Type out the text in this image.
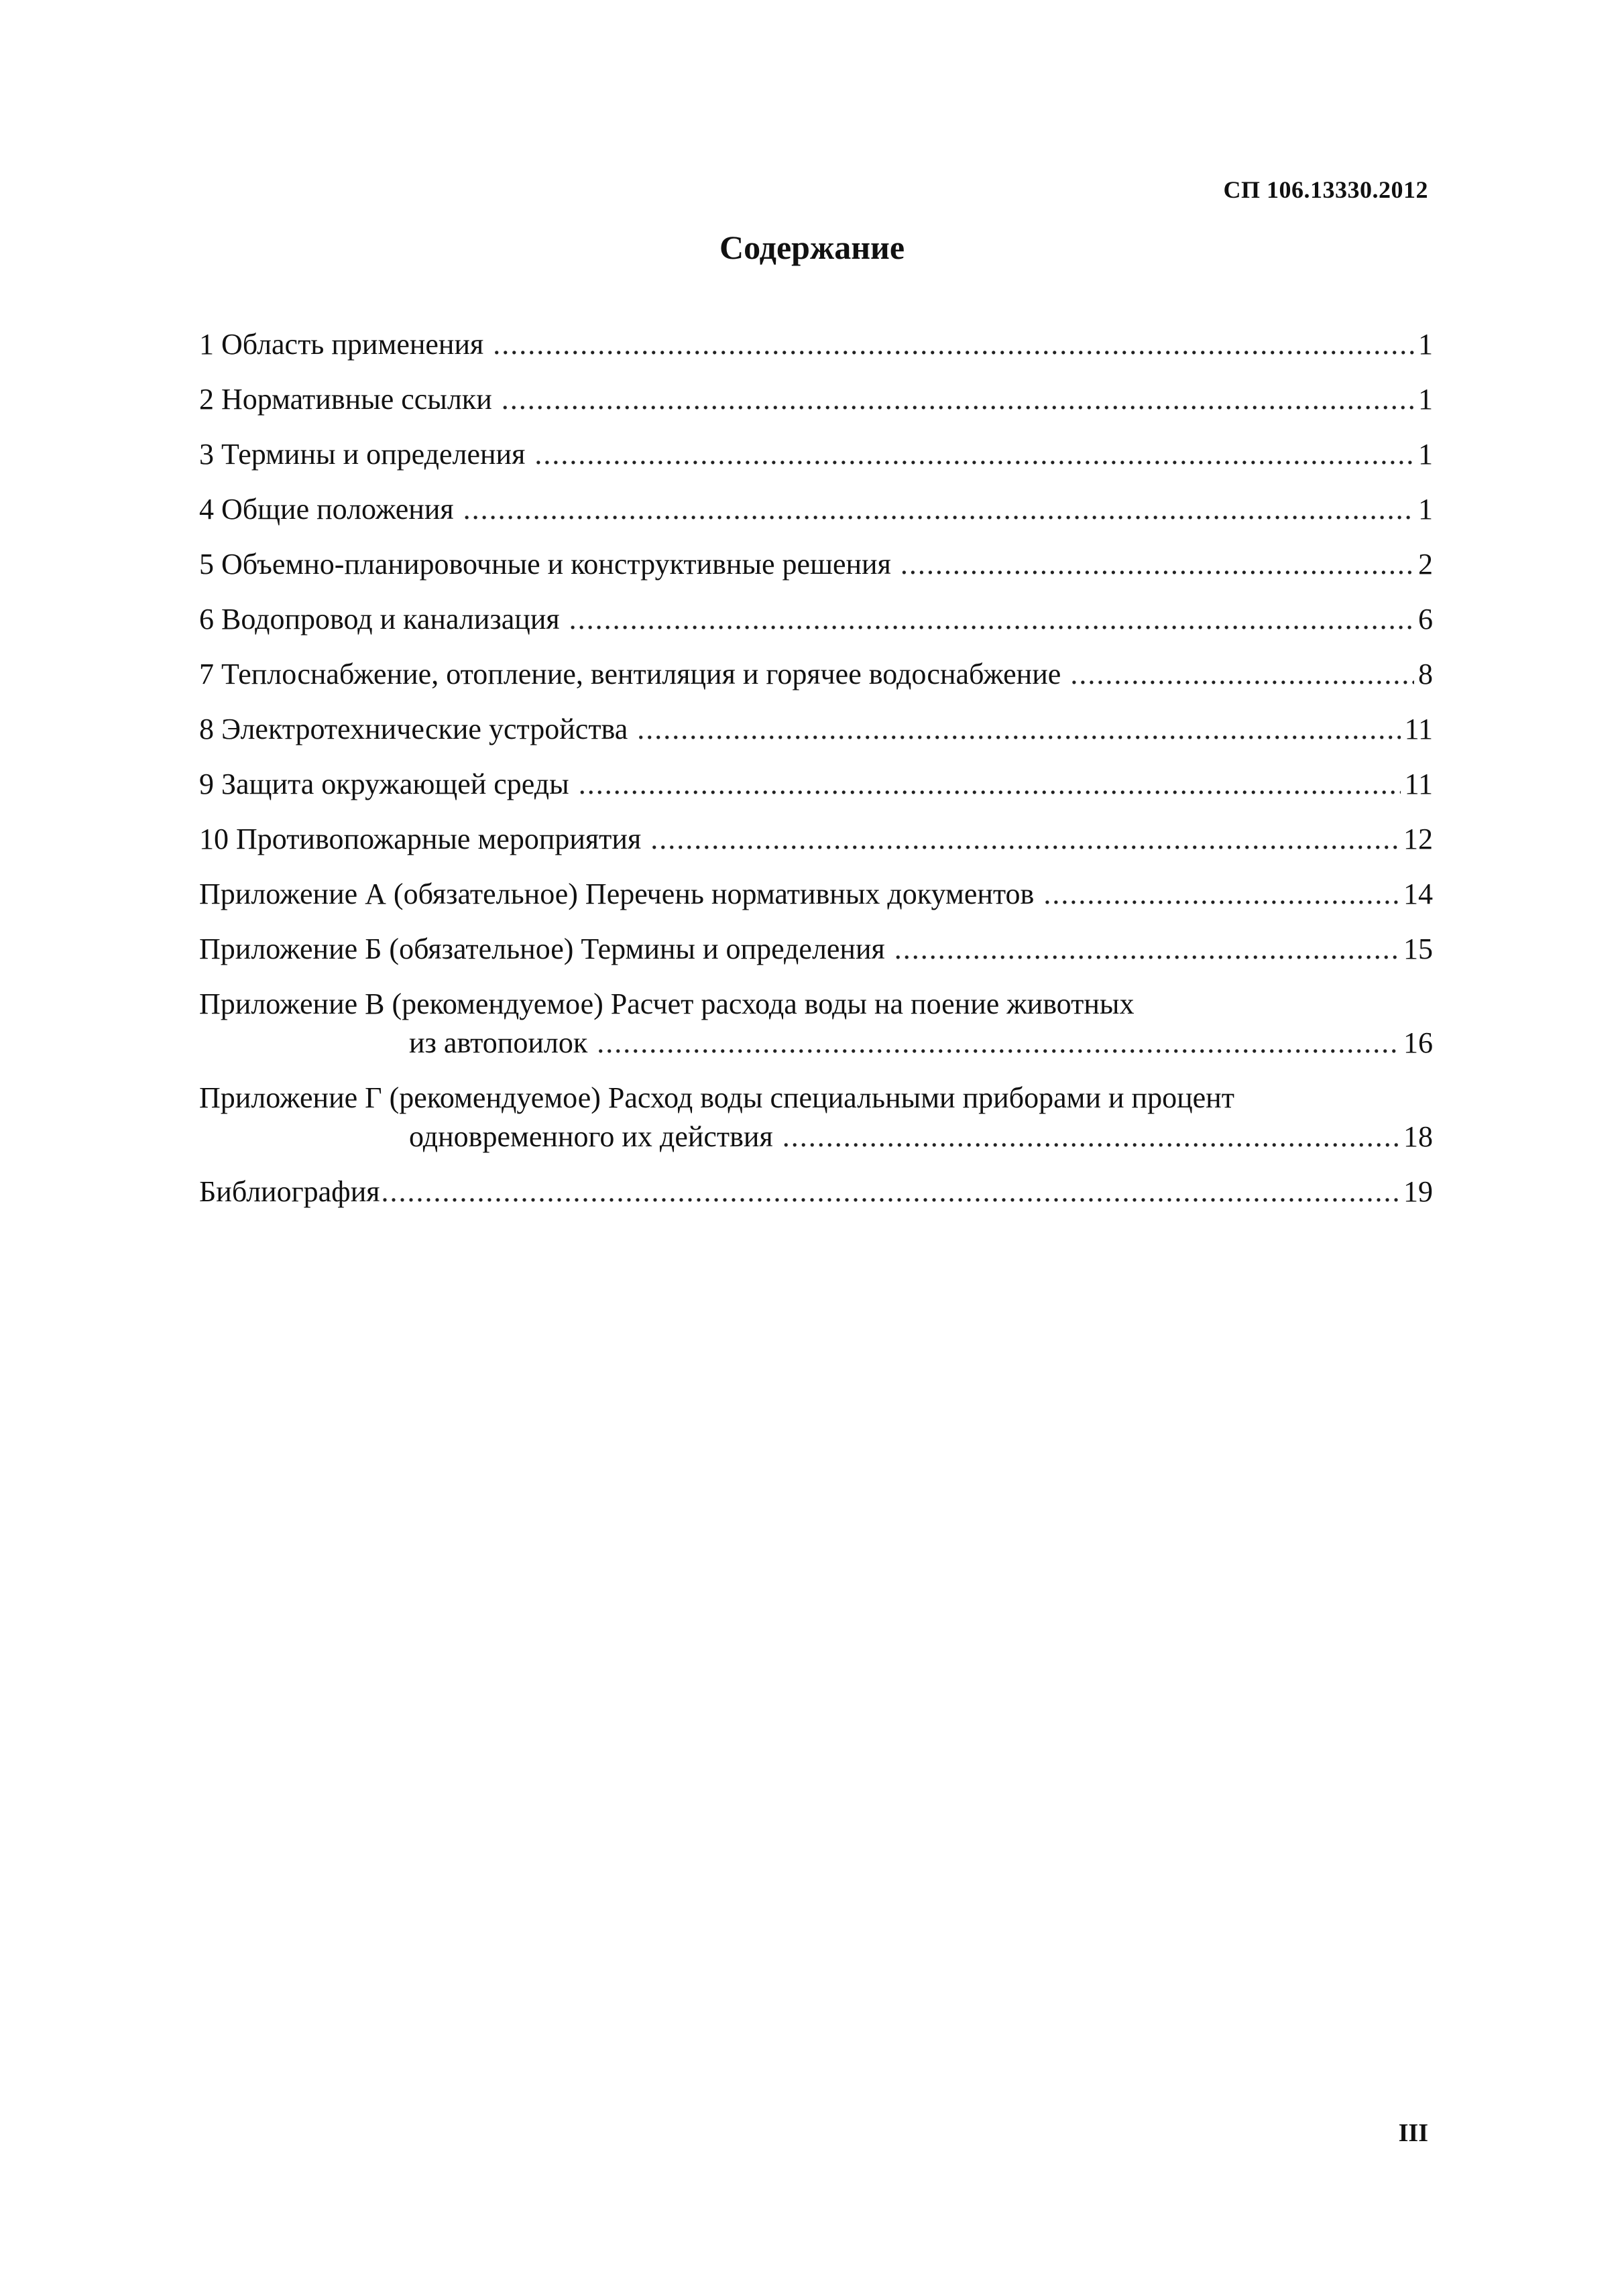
СП 106.13330.2012
Содержание
1 Область применения .....	1
2 Нормативные ссылки .....	1
3 Термины и определения .....	1
4 Общие положения .....	1
5 Объемно-планировочные и конструктивные решения .....	2
6 Водопровод и канализация .....	6
7 Теплоснабжение, отопление, вентиляция и горячее водоснабжение .....	8
8 Электротехнические устройства .....	11
9 Защита окружающей среды .....	11
10 Противопожарные мероприятия .....	12
Приложение А (обязательное) Перечень нормативных документов .....	14
Приложение Б (обязательное) Термины и определения .....	15
Приложение В (рекомендуемое) Расчет расхода воды на поение животных
из автопоилок .....	16
Приложение Г (рекомендуемое) Расход воды специальными приборами и процент
одновременного их действия .....	18
Библиография .....	19
III
